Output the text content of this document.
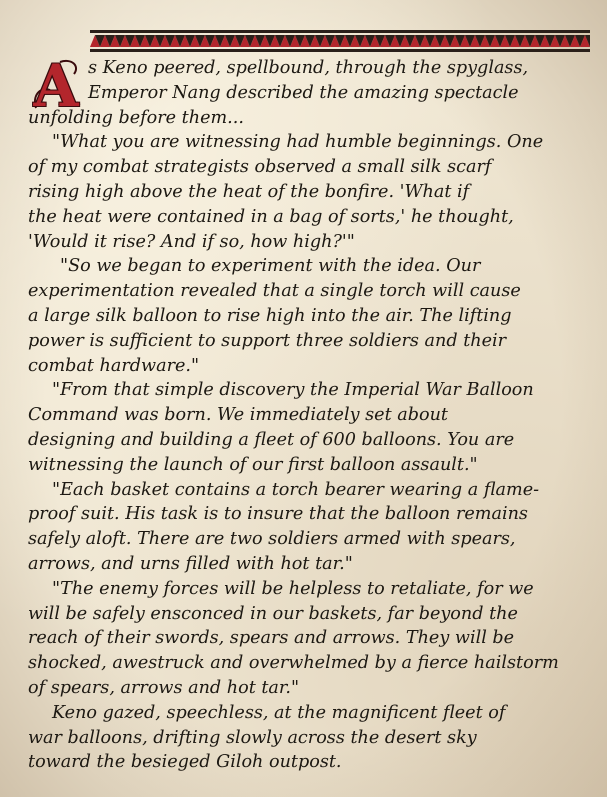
A s Keno peered, spellbound, through the spyglass,
Emperor Nang described the amazing spectacle
unfolding before them...
"What you are witnessing had humble beginnings. One
of my combat strategists observed a small silk scarf
rising high above the heat of the bonfire. 'What if
the heat were contained in a bag of sorts,' he thought,
'Would it rise? And if so, how high?'"
"So we began to experiment with the idea. Our
experimentation revealed that a single torch will cause
a large silk balloon to rise high into the air. The lifting
power is sufficient to support three soldiers and their
combat hardware."
"From that simple discovery the Imperial War Balloon
Command was born. We immediately set about
designing and building a fleet of 600 balloons. You are
witnessing the launch of our first balloon assault."
"Each basket contains a torch bearer wearing a flame-
proof suit. His task is to insure that the balloon remains
safely aloft. There are two soldiers armed with spears,
arrows, and urns filled with hot tar."
"The enemy forces will be helpless to retaliate, for we
will be safely ensconced in our baskets, far beyond the
reach of their swords, spears and arrows. They will be
shocked, awestruck and overwhelmed by a fierce hailstorm
of spears, arrows and hot tar."
Keno gazed, speechless, at the magnificent fleet of
war balloons, drifting slowly across the desert sky
toward the besieged Giloh outpost.
